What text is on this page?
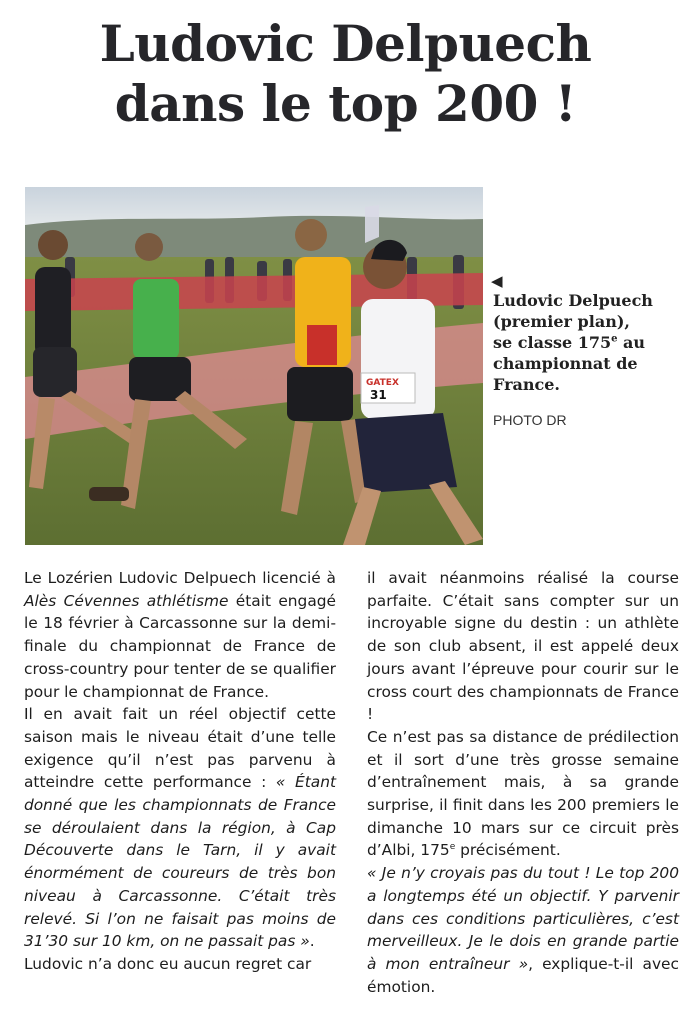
Ludovic Delpuech
dans le top 200 !
GATEX
31
◀
Ludovic Delpuech
(premier plan),
se classe 175e au
championnat de
France.
PHOTO DR

Le Lozérien Ludovic Delpuech licencié à Alès Cévennes athlétisme était engagé le 18 février à Carcassonne sur la demi-finale du championnat de France de cross-country pour tenter de se qualifier pour le championnat de France.

Il en avait fait un réel objectif cette saison mais le niveau était d’une telle exigence qu’il n’est pas parvenu à atteindre cette performance : « Étant donné que les championnats de France se déroulaient dans la région, à Cap Découverte dans le Tarn, il y avait énormément de coureurs de très bon niveau à Carcassonne. C’était très relevé. Si l’on ne faisait pas moins de 31’30 sur 10 km, on ne passait pas ».

Ludovic n’a donc eu aucun regret car

il avait néanmoins réalisé la course parfaite. C’était sans compter sur un incroyable signe du destin : un athlète de son club absent, il est appelé deux jours avant l’épreuve pour courir sur le cross court des championnats de France !

Ce n’est pas sa distance de prédilection et il sort d’une très grosse semaine d’entraînement mais, à sa grande surprise, il finit dans les 200 premiers le dimanche 10 mars sur ce circuit près d’Albi, 175e précisément.

« Je n’y croyais pas du tout ! Le top 200 a longtemps été un objectif. Y parvenir dans ces conditions particulières, c’est merveilleux. Je le dois en grande partie à mon entraîneur », explique-t-il avec émotion.
